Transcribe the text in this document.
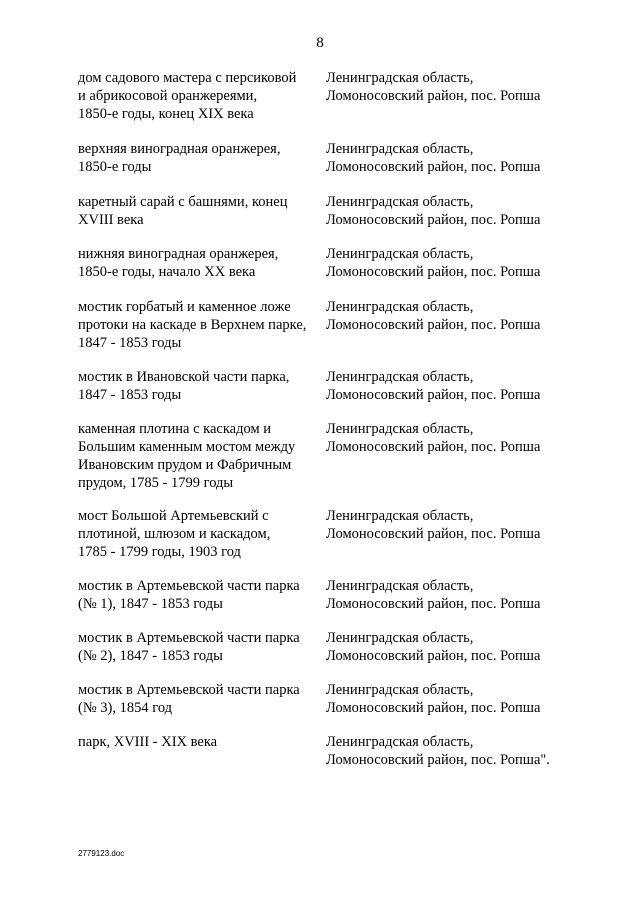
8
дом садового мастера с персиковой
и абрикосовой оранжереями,
1850-е годы, конец XIX века
Ленинградская область,
Ломоносовский район, пос. Ропша
верхняя виноградная оранжерея,
1850-е годы
Ленинградская область,
Ломоносовский район, пос. Ропша
каретный сарай с башнями, конец
XVIII века
Ленинградская область,
Ломоносовский район, пос. Ропша
нижняя виноградная оранжерея,
1850-е годы, начало XX века
Ленинградская область,
Ломоносовский район, пос. Ропша
мостик горбатый и каменное ложе
протоки на каскаде в Верхнем парке,
1847 - 1853 годы
Ленинградская область,
Ломоносовский район, пос. Ропша
мостик в Ивановской части парка,
1847 - 1853 годы
Ленинградская область,
Ломоносовский район, пос. Ропша
каменная плотина с каскадом и
Большим каменным мостом между
Ивановским прудом и Фабричным
прудом, 1785 - 1799 годы
Ленинградская область,
Ломоносовский район, пос. Ропша
мост Большой Артемьевский с
плотиной, шлюзом и каскадом,
1785 - 1799 годы, 1903 год
Ленинградская область,
Ломоносовский район, пос. Ропша
мостик в Артемьевской части парка
(№ 1), 1847 - 1853 годы
Ленинградская область,
Ломоносовский район, пос. Ропша
мостик в Артемьевской части парка
(№ 2), 1847 - 1853 годы
Ленинградская область,
Ломоносовский район, пос. Ропша
мостик в Артемьевской части парка
(№ 3), 1854 год
Ленинградская область,
Ломоносовский район, пос. Ропша
парк, XVIII - XIX века	Ленинградская область,
Ломоносовский район, пос. Ропша".
2779123.doc
